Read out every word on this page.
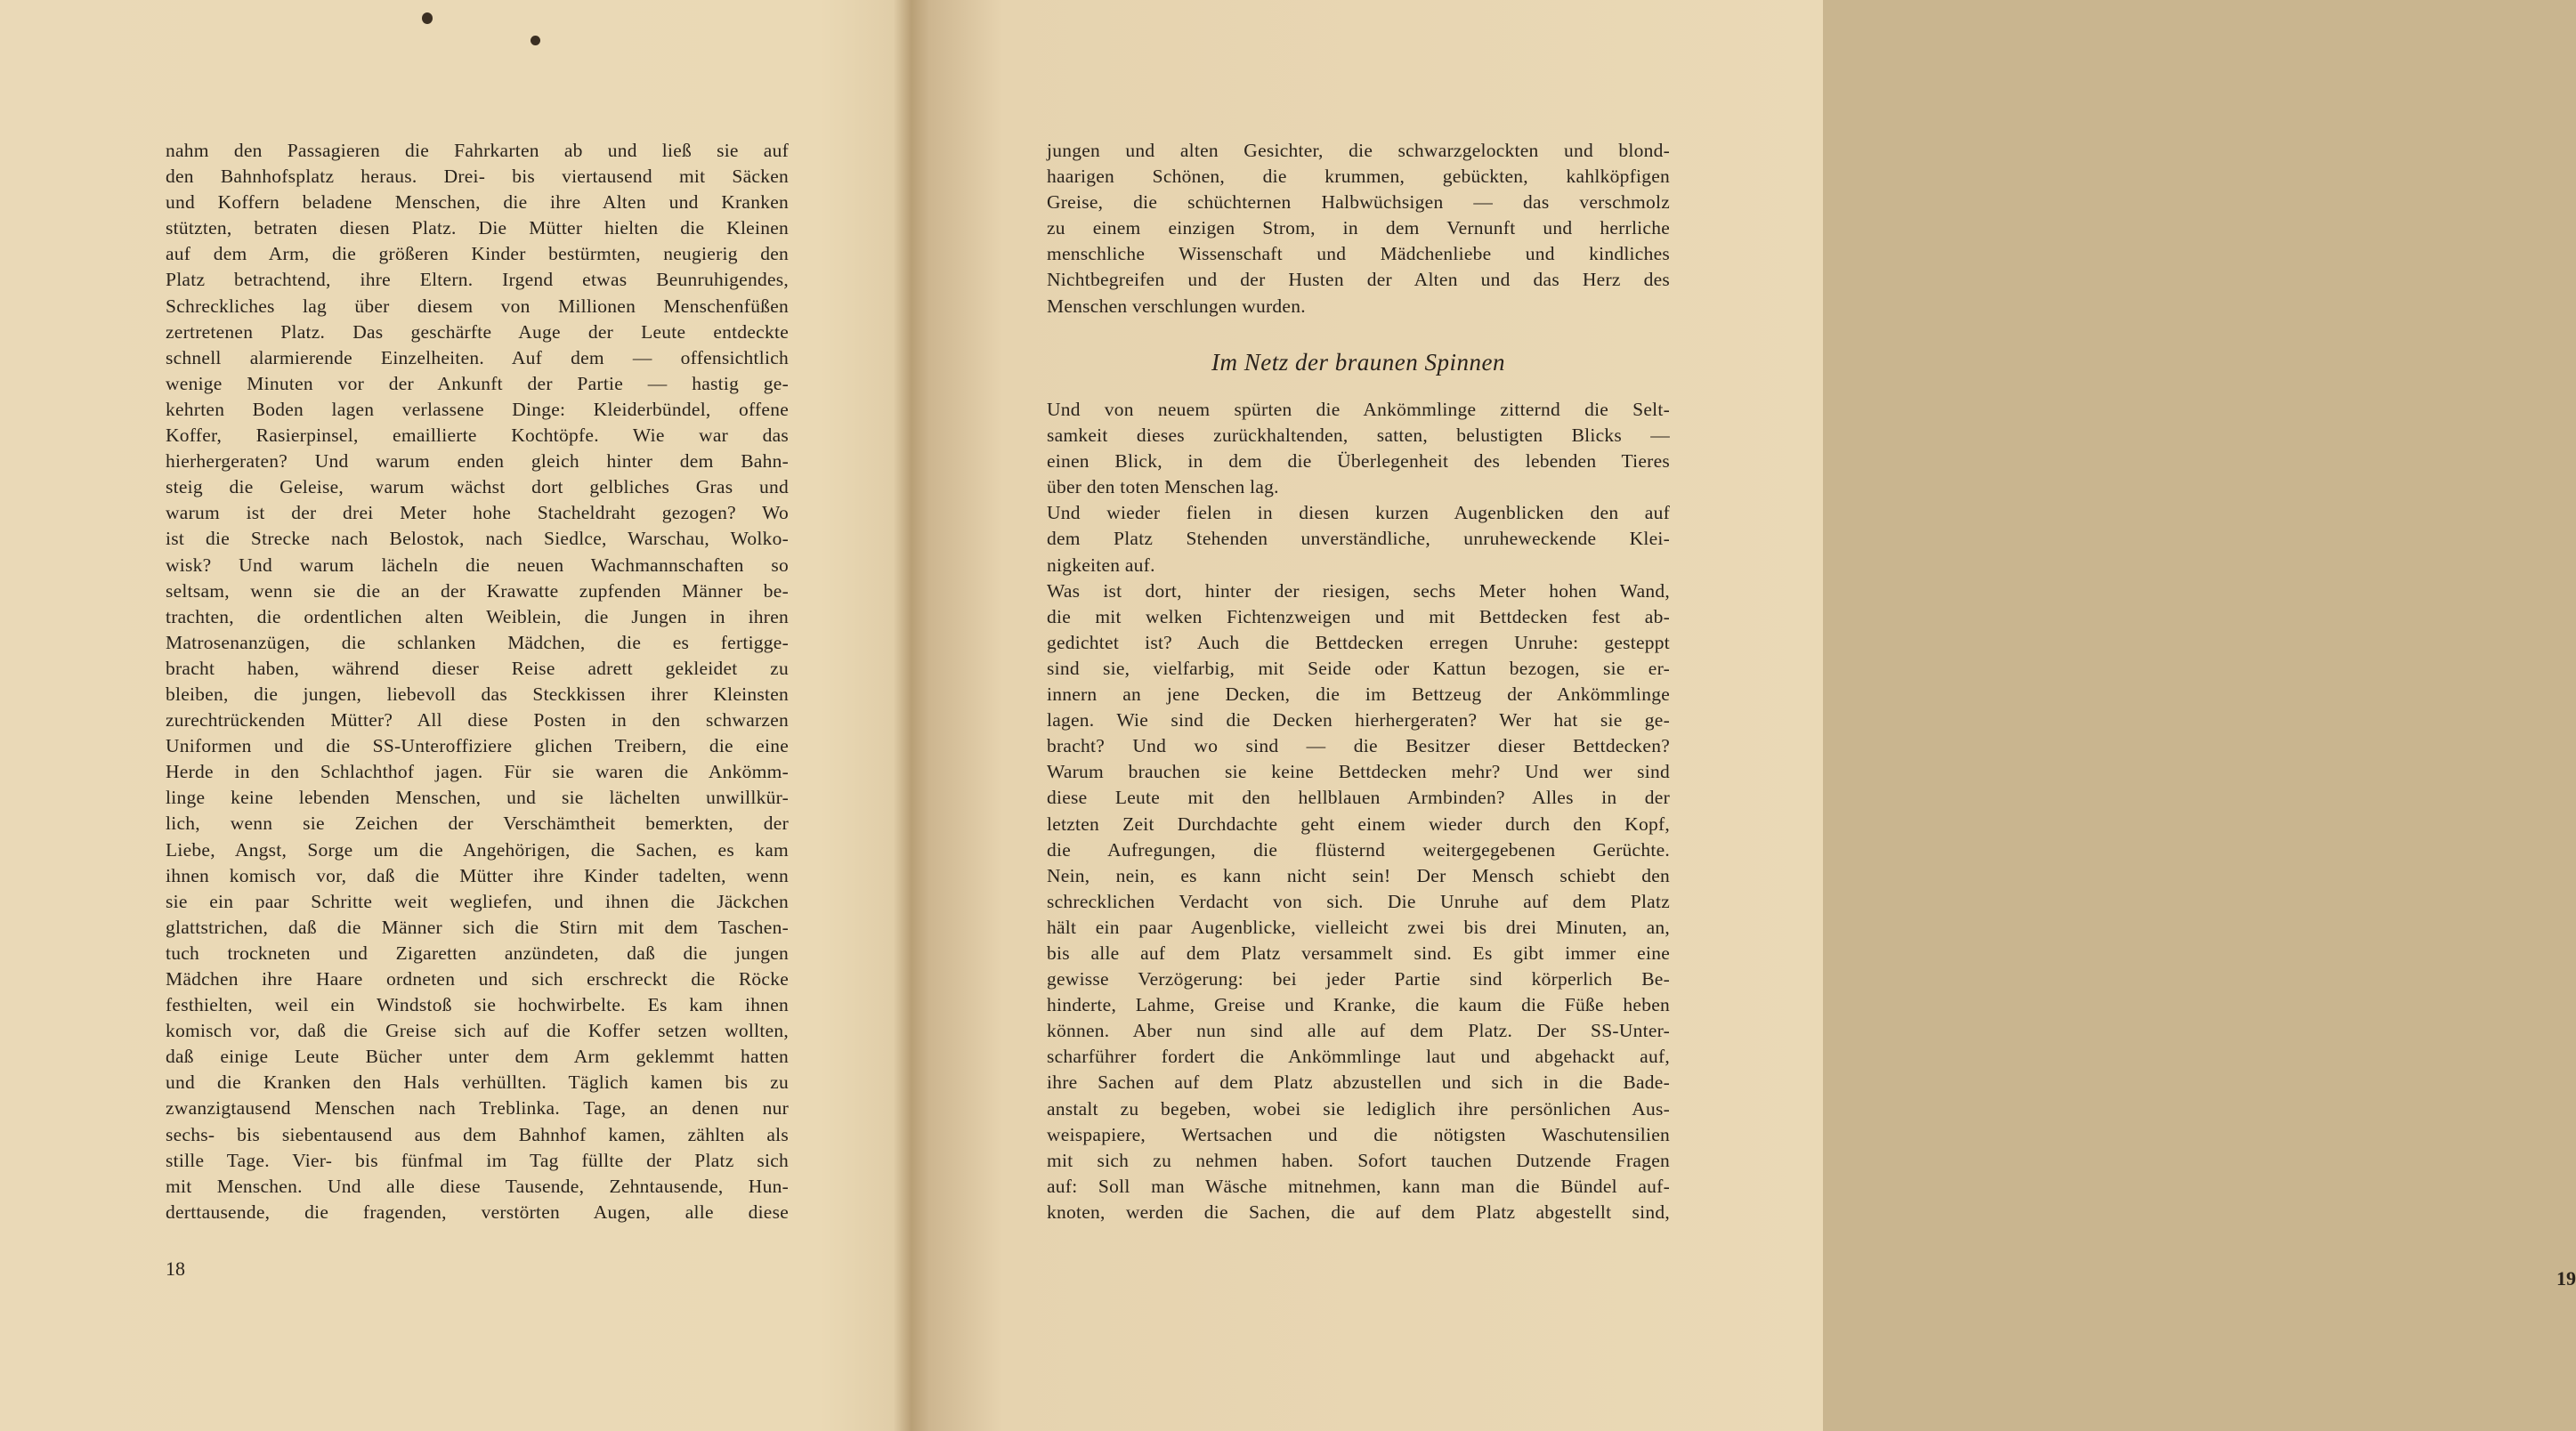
nahm den Passagieren die Fahrkarten ab und ließ sie auf
den Bahnhofsplatz heraus. Drei- bis viertausend mit Säcken
und Koffern beladene Menschen, die ihre Alten und Kranken
stützten, betraten diesen Platz. Die Mütter hielten die Kleinen
auf dem Arm, die größeren Kinder bestürmten, neugierig den
Platz betrachtend, ihre Eltern. Irgend etwas Beunruhigendes,
Schreckliches lag über diesem von Millionen Menschenfüßen
zertretenen Platz. Das geschärfte Auge der Leute entdeckte
schnell alarmierende Einzelheiten. Auf dem — offensichtlich
wenige Minuten vor der Ankunft der Partie — hastig ge-
kehrten Boden lagen verlassene Dinge: Kleiderbündel, offene
Koffer, Rasierpinsel, emaillierte Kochtöpfe. Wie war das
hierhergeraten? Und warum enden gleich hinter dem Bahn-
steig die Geleise, warum wächst dort gelbliches Gras und
warum ist der drei Meter hohe Stacheldraht gezogen? Wo
ist die Strecke nach Belostok, nach Siedlce, Warschau, Wolko-
wisk? Und warum lächeln die neuen Wachmannschaften so
seltsam, wenn sie die an der Krawatte zupfenden Männer be-
trachten, die ordentlichen alten Weiblein, die Jungen in ihren
Matrosenanzügen, die schlanken Mädchen, die es fertigge-
bracht haben, während dieser Reise adrett gekleidet zu
bleiben, die jungen, liebevoll das Steckkissen ihrer Kleinsten
zurechtrückenden Mütter? All diese Posten in den schwarzen
Uniformen und die SS-Unteroffiziere glichen Treibern, die eine
Herde in den Schlachthof jagen. Für sie waren die Ankömm-
linge keine lebenden Menschen, und sie lächelten unwillkür-
lich, wenn sie Zeichen der Verschämtheit bemerkten, der
Liebe, Angst, Sorge um die Angehörigen, die Sachen, es kam
ihnen komisch vor, daß die Mütter ihre Kinder tadelten, wenn
sie ein paar Schritte weit wegliefen, und ihnen die Jäckchen
glattstrichen, daß die Männer sich die Stirn mit dem Taschen-
tuch trockneten und Zigaretten anzündeten, daß die jungen
Mädchen ihre Haare ordneten und sich erschreckt die Röcke
festhielten, weil ein Windstoß sie hochwirbelte. Es kam ihnen
komisch vor, daß die Greise sich auf die Koffer setzen wollten,
daß einige Leute Bücher unter dem Arm geklemmt hatten
und die Kranken den Hals verhüllten. Täglich kamen bis zu
zwanzigtausend Menschen nach Treblinka. Tage, an denen nur
sechs- bis siebentausend aus dem Bahnhof kamen, zählten als
stille Tage. Vier- bis fünfmal im Tag füllte der Platz sich
mit Menschen. Und alle diese Tausende, Zehntausende, Hun-
derttausende, die fragenden, verstörten Augen, alle diese
18
jungen und alten Gesichter, die schwarzgelockten und blond-
haarigen Schönen, die krummen, gebückten, kahlköpfigen
Greise, die schüchternen Halbwüchsigen — das verschmolz
zu einem einzigen Strom, in dem Vernunft und herrliche
menschliche Wissenschaft und Mädchenliebe und kindliches
Nichtbegreifen und der Husten der Alten und das Herz des
Menschen verschlungen wurden.
Im Netz der braunen Spinnen
Und von neuem spürten die Ankömmlinge zitternd die Selt-
samkeit dieses zurückhaltenden, satten, belustigten Blicks —
einen Blick, in dem die Überlegenheit des lebenden Tieres
über den toten Menschen lag.
Und wieder fielen in diesen kurzen Augenblicken den auf
dem Platz Stehenden unverständliche, unruheweckende Klei-
nigkeiten auf.
Was ist dort, hinter der riesigen, sechs Meter hohen Wand,
die mit welken Fichtenzweigen und mit Bettdecken fest ab-
gedichtet ist? Auch die Bettdecken erregen Unruhe: gesteppt
sind sie, vielfarbig, mit Seide oder Kattun bezogen, sie er-
innern an jene Decken, die im Bettzeug der Ankömmlinge
lagen. Wie sind die Decken hierhergeraten? Wer hat sie ge-
bracht? Und wo sind — die Besitzer dieser Bettdecken?
Warum brauchen sie keine Bettdecken mehr? Und wer sind
diese Leute mit den hellblauen Armbinden? Alles in der
letzten Zeit Durchdachte geht einem wieder durch den Kopf,
die Aufregungen, die flüsternd weitergegebenen Gerüchte.
Nein, nein, es kann nicht sein! Der Mensch schiebt den
schrecklichen Verdacht von sich. Die Unruhe auf dem Platz
hält ein paar Augenblicke, vielleicht zwei bis drei Minuten, an,
bis alle auf dem Platz versammelt sind. Es gibt immer eine
gewisse Verzögerung: bei jeder Partie sind körperlich Be-
hinderte, Lahme, Greise und Kranke, die kaum die Füße heben
können. Aber nun sind alle auf dem Platz. Der SS-Unter-
scharführer fordert die Ankömmlinge laut und abgehackt auf,
ihre Sachen auf dem Platz abzustellen und sich in die Bade-
anstalt zu begeben, wobei sie lediglich ihre persönlichen Aus-
weispapiere, Wertsachen und die nötigsten Waschutensilien
mit sich zu nehmen haben. Sofort tauchen Dutzende Fragen
auf: Soll man Wäsche mitnehmen, kann man die Bündel auf-
knoten, werden die Sachen, die auf dem Platz abgestellt sind,
19
